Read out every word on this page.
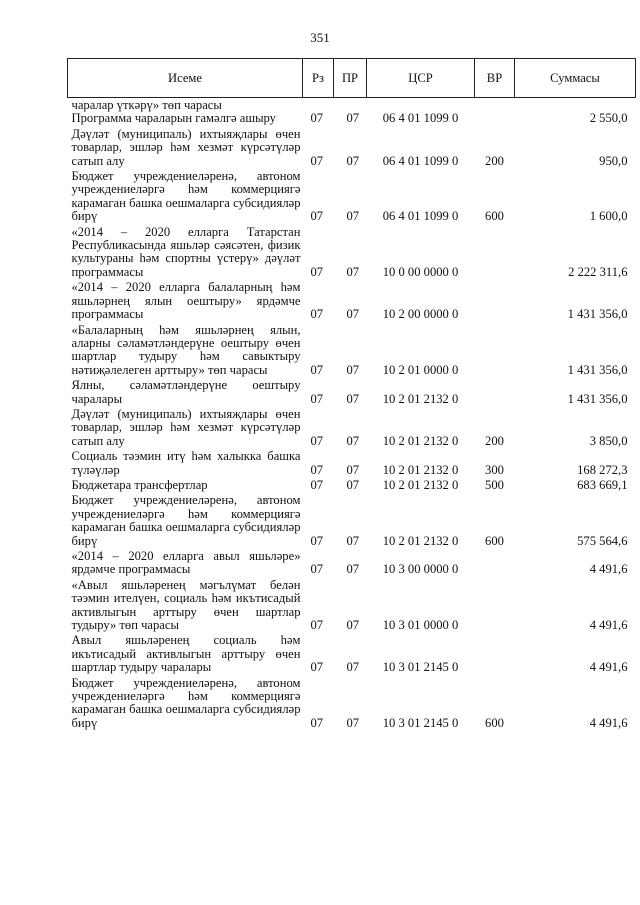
351
Исеме	Рз	ПР	ЦСР	ВР	Суммасы
чаралар үткәрү» төп чарасы					
Программа чараларын гамәлгә ашыру	07	07	06 4 01 1099 0		2 550,0
Дәүләт (муниципаль) ихтыяҗлары өчен товарлар, эшләр һәм хезмәт күрсәтүләр сатып алу	07	07	06 4 01 1099 0	200	950,0
Бюджет учреждениеләренә, автоном учреждениеләргә һәм коммерциягә карамаган башка оешмаларга субсидияләр бирү	07	07	06 4 01 1099 0	600	1 600,0
«2014 – 2020 елларга Татарстан Республикасында яшьләр сәясәтен, физик культураны һәм спортны үстерү» дәүләт программасы	07	07	10 0 00 0000 0		2 222 311,6
«2014 – 2020 елларга балаларның һәм яшьләрнең ялын оештыру» ярдәмче программасы	07	07	10 2 00 0000 0		1 431 356,0
«Балаларның һәм яшьләрнең ялын, аларны сәламәтләндерүне оештыру өчен шартлар тудыру һәм савыктыру нәтиҗәлелеген арттыру» төп чарасы	07	07	10 2 01 0000 0		1 431 356,0
Ялны, сәламәтләндерүне оештыру чаралары	07	07	10 2 01 2132 0		1 431 356,0
Дәүләт (муниципаль) ихтыяҗлары өчен товарлар, эшләр һәм хезмәт күрсәтүләр сатып алу	07	07	10 2 01 2132 0	200	3 850,0
Социаль тәэмин итү һәм халыкка башка түләүләр	07	07	10 2 01 2132 0	300	168 272,3
Бюджетара трансфертлар	07	07	10 2 01 2132 0	500	683 669,1
Бюджет учреждениеләренә, автоном учреждениеләргә һәм коммерциягә карамаган башка оешмаларга субсидияләр бирү	07	07	10 2 01 2132 0	600	575 564,6
«2014 – 2020 елларга авыл яшьләре» ярдәмче программасы	07	07	10 3 00 0000 0		4 491,6
«Авыл яшьләренең мәгълүмат белән тәэмин ителүен, социаль һәм икътисадый активлыгын арттыру өчен шартлар тудыру» төп чарасы	07	07	10 3 01 0000 0		4 491,6
Авыл яшьләренең социаль һәм икътисадый активлыгын арттыру өчен шартлар тудыру чаралары	07	07	10 3 01 2145 0		4 491,6
Бюджет учреждениеләренә, автоном учреждениеләргә һәм коммерциягә карамаган башка оешмаларга субсидияләр бирү	07	07	10 3 01 2145 0	600	4 491,6
